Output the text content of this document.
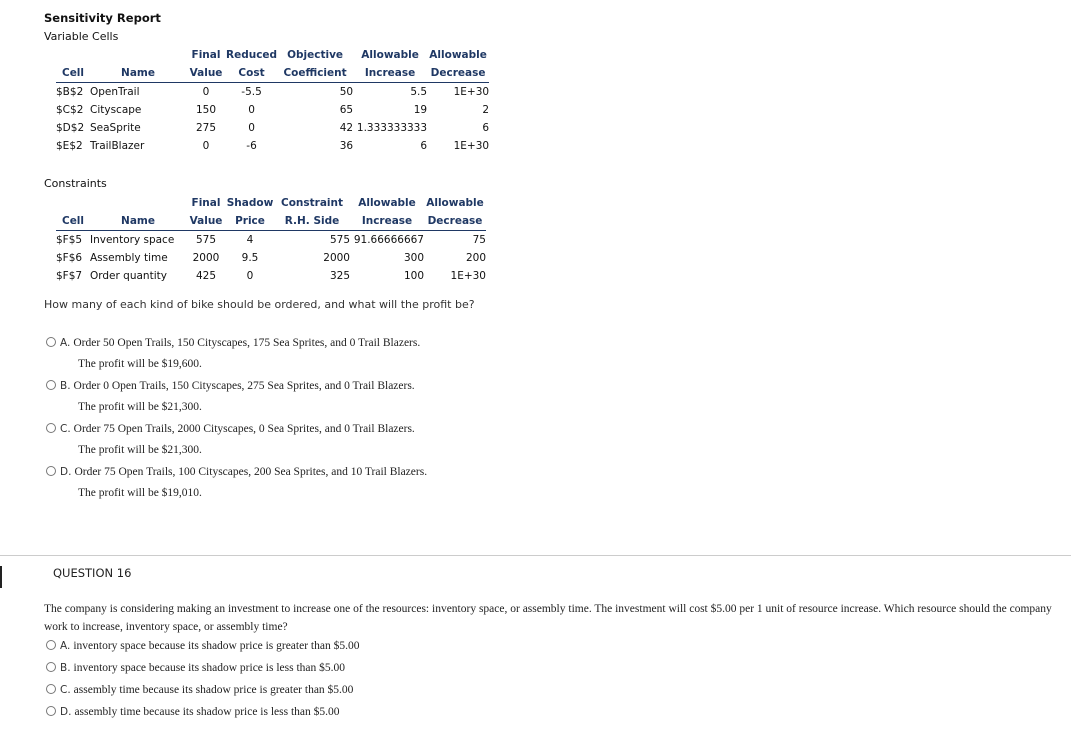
Sensitivity Report
Variable Cells
		Final	Reduced	Objective	Allowable	Allowable
Cell	Name	Value	Cost	Coefficient	Increase	Decrease
$B$2	OpenTrail	0	-5.5	50	5.5	1E+30
$C$2	Cityscape	150	0	65	19	2
$D$2	SeaSprite	275	0	42	1.333333333	6
$E$2	TrailBlazer	0	-6	36	6	1E+30
Constraints
		Final	Shadow	Constraint	Allowable	Allowable
Cell	Name	Value	Price	R.H. Side	Increase	Decrease
$F$5	Inventory space	575	4	575	91.66666667	75
$F$6	Assembly time	2000	9.5	2000	300	200
$F$7	Order quantity	425	0	325	100	1E+30
How many of each kind of bike should be ordered, and what will the profit be?
A. Order 50 Open Trails, 150 Cityscapes, 175 Sea Sprites, and 0 Trail Blazers.
The profit will be $19,600.
B. Order 0 Open Trails, 150 Cityscapes, 275 Sea Sprites, and 0 Trail Blazers.
The profit will be $21,300.
C. Order 75 Open Trails, 2000 Cityscapes, 0 Sea Sprites, and 0 Trail Blazers.
The profit will be $21,300.
D. Order 75 Open Trails, 100 Cityscapes, 200 Sea Sprites, and 10 Trail Blazers.
The profit will be $19,010.
QUESTION 16
The company is considering making an investment to increase one of the resources: inventory space, or assembly time. The investment will cost $5.00 per 1 unit of resource increase. Which resource should the company work to increase, inventory space, or assembly time?
A. inventory space because its shadow price is greater than $5.00
B. inventory space because its shadow price is less than $5.00
C. assembly time because its shadow price is greater than $5.00
D. assembly time because its shadow price is less than $5.00
